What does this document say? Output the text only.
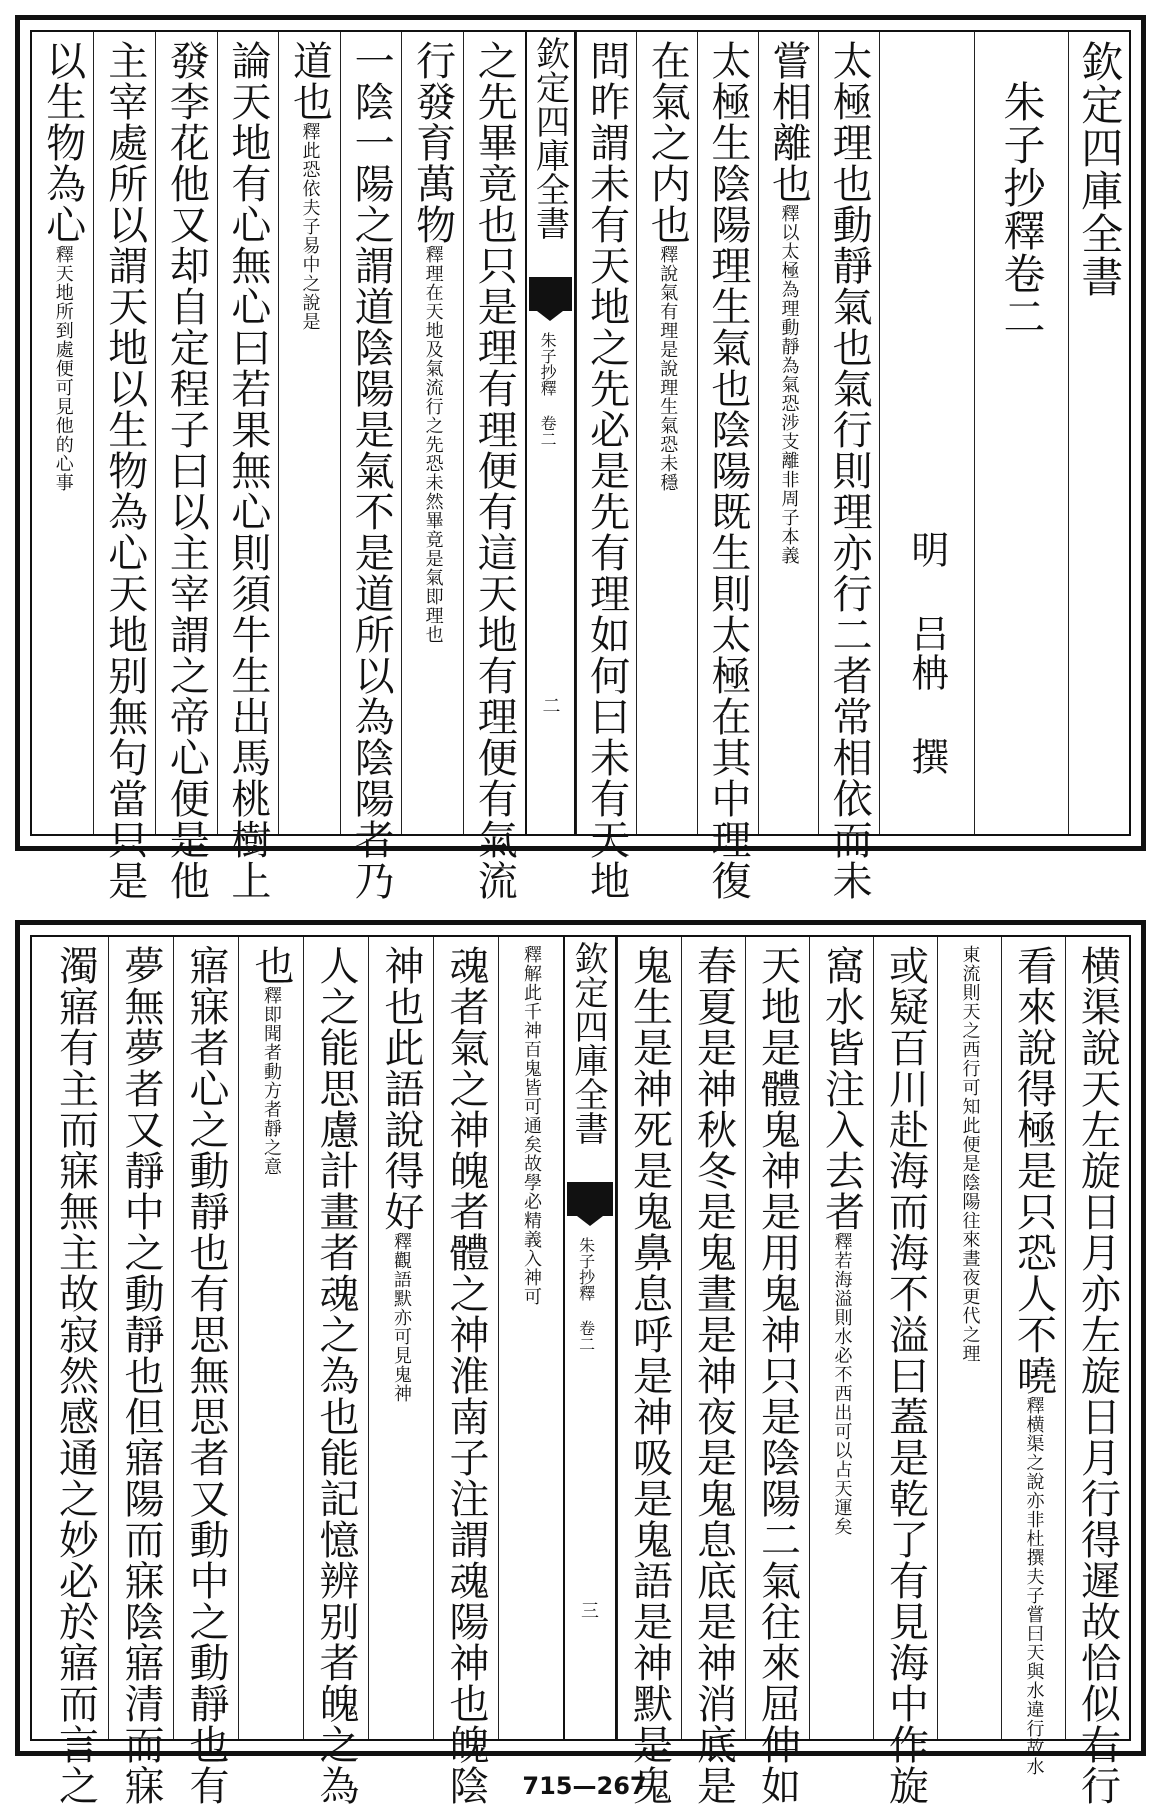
欽定四庫全書
朱子抄釋卷二
明 吕柟 撰
太極理也動靜氣也氣行則理亦行二者常相依而未
嘗相離也釋以太極為理動靜為氣恐涉支離非周子本義
太極生陰陽理生氣也陰陽既生則太極在其中理復
在氣之内也釋說氣有理是說理生氣恐未穩
問昨謂未有天地之先必是先有理如何曰未有天地
欽定四庫全書
朱子抄釋 卷二
二
之先畢竟也只是理有理便有這天地有理便有氣流
行發育萬物釋理在天地及氣流行之先恐未然畢竟是氣即理也
一陰一陽之謂道陰陽是氣不是道所以為陰陽者乃
道也釋此恐依夫子易中之說是
論天地有心無心曰若果無心則須牛生出馬桃樹上
發李花他又却自定程子曰以主宰謂之帝心便是他
主宰處所以謂天地以生物為心天地别無句當只是
以生物為心釋天地所到處便可見他的心事
横渠說天左旋日月亦左旋日月行得遲故恰似右行
看來說得極是只恐人不曉釋横渠之說亦非杜撰夫子嘗曰天與水違行故水
東流則天之西行可知此便是陰陽往來晝夜更代之理
或疑百川赴海而海不溢曰蓋是乾了有見海中作旋
窩水皆注入去者釋若海溢則水必不西出可以占天運矣
天地是體鬼神是用鬼神只是陰陽二氣往來屈伸如
春夏是神秋冬是鬼晝是神夜是鬼息底是神消底是
鬼生是神死是鬼鼻息呼是神吸是鬼語是神默是鬼
欽定四庫全書
朱子抄釋 卷二
三
釋解此千神百鬼皆可通矣故學必精義入神可
魂者氣之神魄者體之神淮南子注謂魂陽神也魄陰
神也此語說得好釋觀語默亦可見鬼神
人之能思慮計畫者魂之為也能記憶辨别者魄之為
也釋即聞者動方者靜之意
寤寐者心之動靜也有思無思者又動中之動靜也有
夢無夢者又靜中之動靜也但寤陽而寐陰寤清而寐
濁寤有主而寐無主故寂然感通之妙必於寤而言之	715—267
